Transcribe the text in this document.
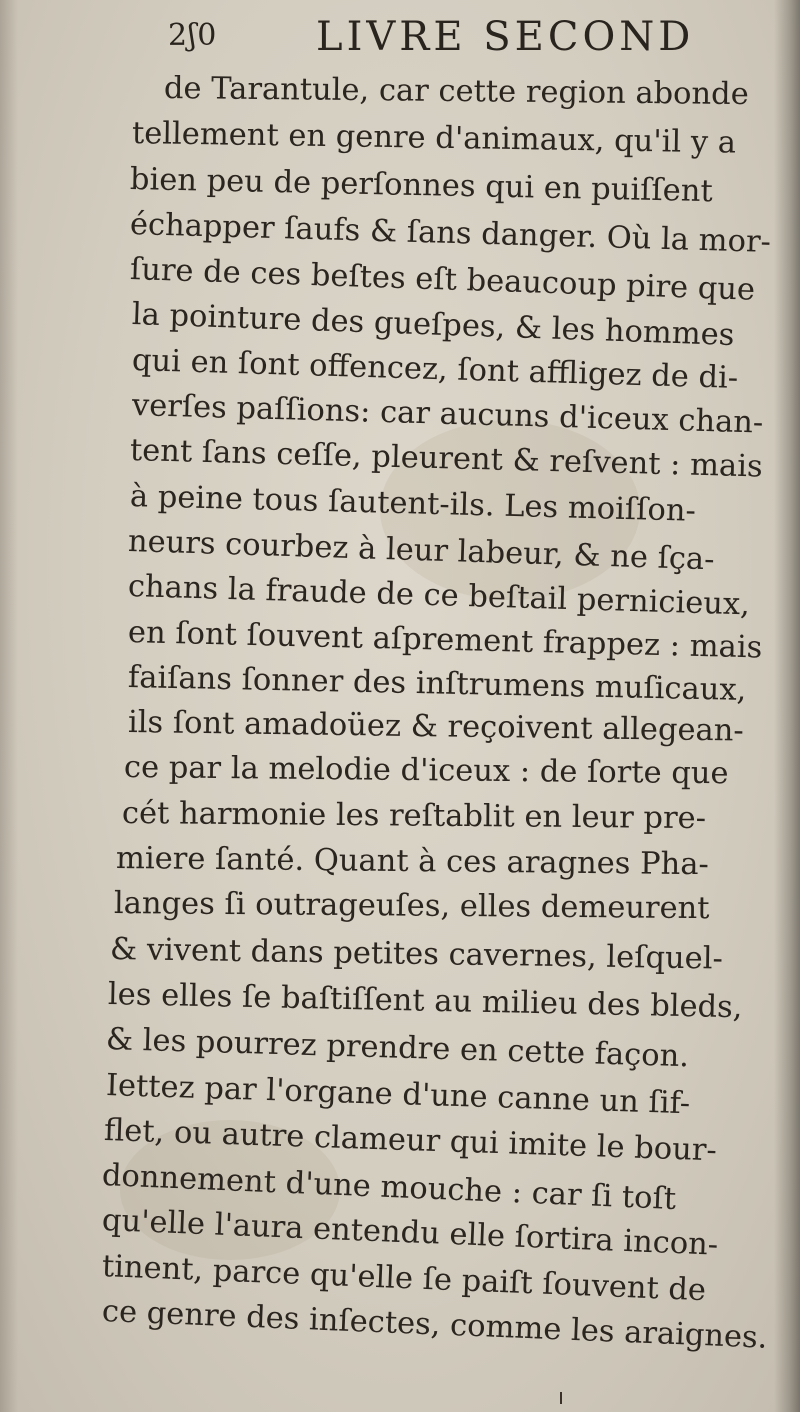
2ʃ0 LIVRE SECOND
de Tarantule, car cette region abonde
tellement en genre d'animaux, qu'il y a
bien peu de perſonnes qui en puiſſent
échapper ſaufs & ſans danger. Où la mor-
ſure de ces beſtes eſt beaucoup pire que
la pointure des gueſpes, & les hommes
qui en ſont offencez, ſont affligez de di-
verſes paſſions: car aucuns d'iceux chan-
tent ſans ceſſe, pleurent & reſvent : mais
à peine tous ſautent-ils. Les moiſſon-
neurs courbez à leur labeur, & ne ſça-
chans la fraude de ce beſtail pernicieux,
en ſont ſouvent aſprement frappez : mais
faiſans ſonner des inſtrumens muſicaux,
ils ſont amadoüez & reçoivent allegean-
ce par la melodie d'iceux : de ſorte que
cét harmonie les reſtablit en leur pre-
miere ſanté. Quant à ces aragnes Pha-
langes ſi outrageuſes, elles demeurent
& vivent dans petites cavernes, leſquel-
les elles ſe baſtiſſent au milieu des bleds,
& les pourrez prendre en cette façon.
Iettez par l'organe d'une canne un ſif-
flet, ou autre clameur qui imite le bour-
donnement d'une mouche : car ſi toſt
qu'elle l'aura entendu elle ſortira incon-
tinent, parce qu'elle ſe paiſt ſouvent de
ce genre des inſectes, comme les araignes.
